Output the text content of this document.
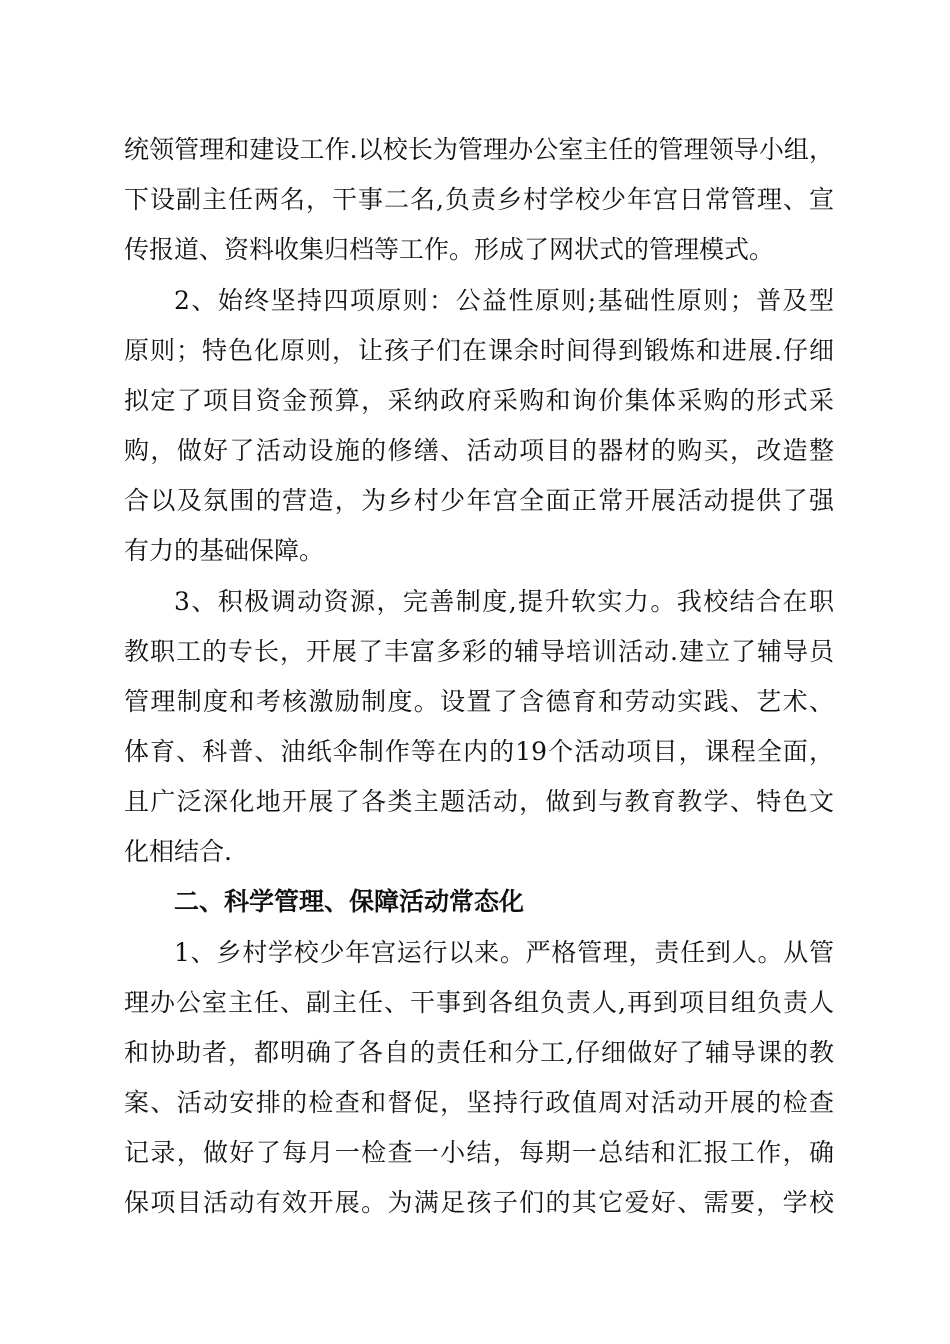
统领管理和建设工作.以校长为管理办公室主任的管理领导小组，
下设副主任两名，干事二名,负责乡村学校少年宫日常管理、宣
传报道、资料收集归档等工作。形成了网状式的管理模式。
2、始终坚持四项原则：公益性原则;基础性原则；普及型
原则；特色化原则，让孩子们在课余时间得到锻炼和进展.仔细
拟定了项目资金预算，采纳政府采购和询价集体采购的形式采
购，做好了活动设施的修缮、活动项目的器材的购买，改造整
合以及氛围的营造，为乡村少年宫全面正常开展活动提供了强
有力的基础保障。
3、积极调动资源，完善制度,提升软实力。我校结合在职
教职工的专长，开展了丰富多彩的辅导培训活动.建立了辅导员
管理制度和考核激励制度。设置了含德育和劳动实践、艺术、
体育、科普、油纸伞制作等在内的19个活动项目，课程全面，
且广泛深化地开展了各类主题活动，做到与教育教学、特色文
化相结合.
二、科学管理、保障活动常态化
1、乡村学校少年宫运行以来。严格管理，责任到人。从管
理办公室主任、副主任、干事到各组负责人,再到项目组负责人
和协助者，都明确了各自的责任和分工,仔细做好了辅导课的教
案、活动安排的检查和督促，坚持行政值周对活动开展的检查
记录，做好了每月一检查一小结，每期一总结和汇报工作，确
保项目活动有效开展。为满足孩子们的其它爱好、需要，学校
